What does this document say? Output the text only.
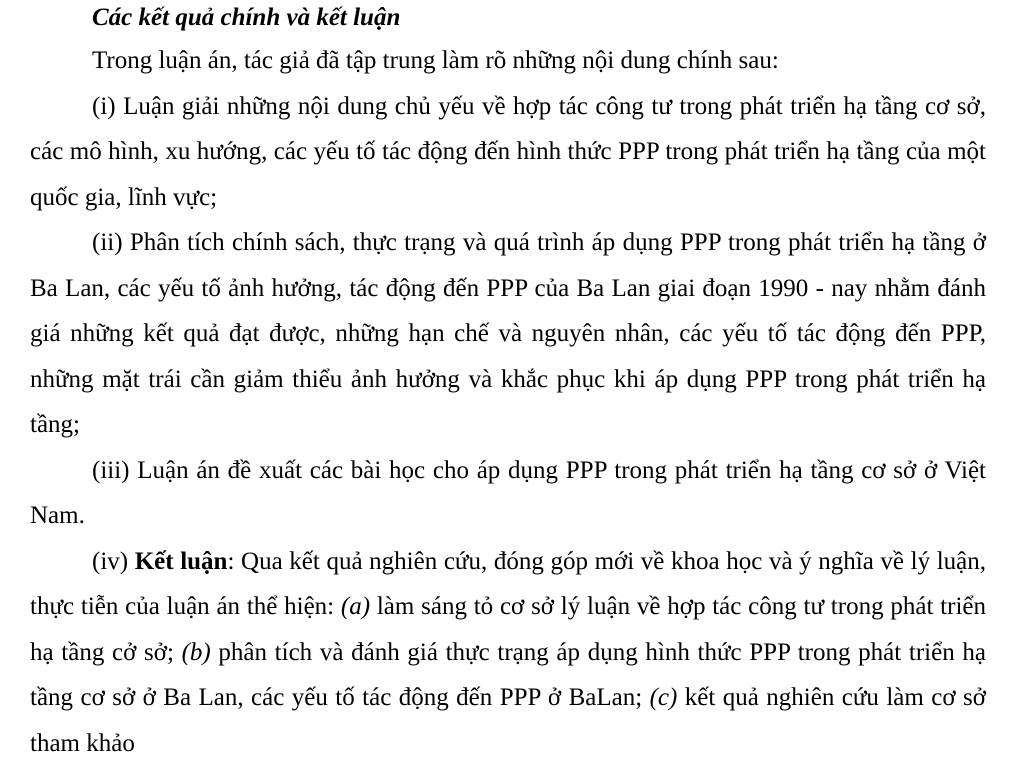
Các kết quả chính và kết luận

Trong luận án, tác giả đã tập trung làm rõ những nội dung chính sau:

(i) Luận giải những nội dung chủ yếu về hợp tác công tư trong phát triển hạ tầng cơ sở, các mô hình, xu hướng, các yếu tố tác động đến hình thức PPP trong phát triển hạ tầng của một quốc gia, lĩnh vực;

(ii) Phân tích chính sách, thực trạng và quá trình áp dụng PPP trong phát triển hạ tầng ở Ba Lan, các yếu tố ảnh hưởng, tác động đến PPP của Ba Lan giai đoạn 1990 - nay nhằm đánh giá những kết quả đạt được, những hạn chế và nguyên nhân, các yếu tố tác động đến PPP, những mặt trái cần giảm thiểu ảnh hưởng và khắc phục khi áp dụng PPP trong phát triển hạ tầng;

(iii) Luận án đề xuất các bài học cho áp dụng PPP trong phát triển hạ tầng cơ sở ở Việt Nam.

(iv) Kết luận: Qua kết quả nghiên cứu, đóng góp mới về khoa học và ý nghĩa về lý luận, thực tiễn của luận án thể hiện: (a) làm sáng tỏ cơ sở lý luận về hợp tác công tư trong phát triển hạ tầng cở sở; (b) phân tích và đánh giá thực trạng áp dụng hình thức PPP trong phát triển hạ tầng cơ sở ở Ba Lan, các yếu tố tác động đến PPP ở BaLan; (c) kết quả nghiên cứu làm cơ sở tham khảo
